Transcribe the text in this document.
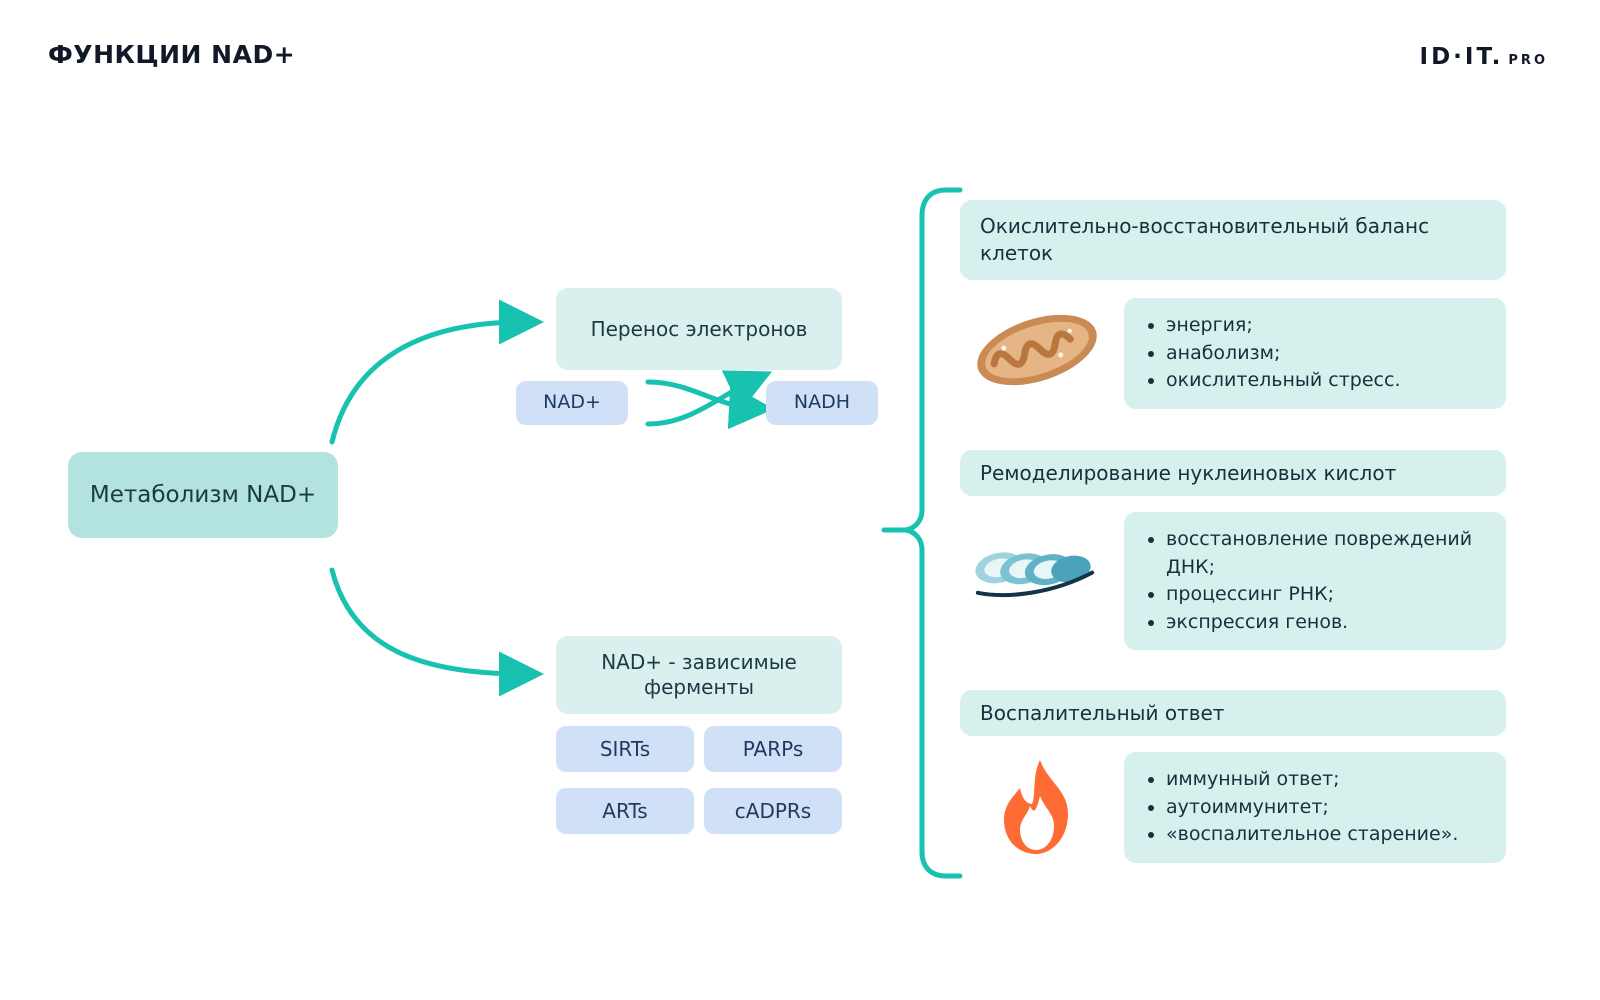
ФУНКЦИИ NAD+	ID·IT. PRO
Метаболизм NAD+
Перенос электронов
NAD+	NADH
NAD+ - зависимые ферменты
SIRTs	PARPs
ARTs	cADPRs
Окислительно-восстановительный баланс клеток
• энергия;
• анаболизм;
• окислительный стресс.
Ремоделирование нуклеиновых кислот
• восстановление повреждений ДНК;
• процессинг РНК;
• экспрессия генов.
Воспалительный ответ
• иммунный ответ;
• аутоиммунитет;
• «воспалительное старение».
